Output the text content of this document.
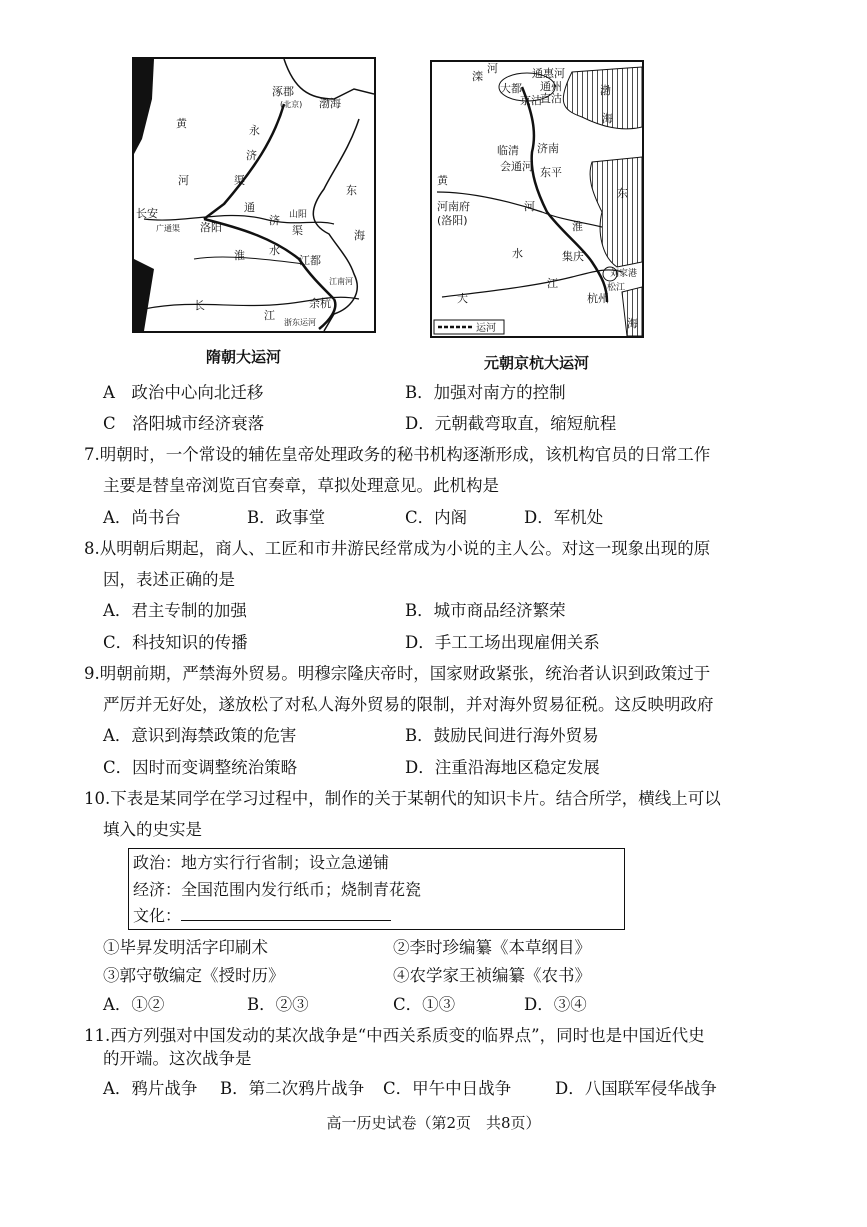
涿郡
(北京)
黄
河
永
济
渠
通
济
渠
淮 水
长安
广通渠 洛阳
山阳
渤海
东
海
江都
江南河
余杭
长
江
浙东运河
隋朝大运河
滦
河
大都
通惠河
通州
直沽
京沽
渤
海
济南
临清
会通河 东平
黄
河南府
(洛阳)
河
东
淮
水	集庆
江
大	杭州
松江
刘家港
海
运河
元朝京杭大运河
A　政治中心向北迁移	B．加强对南方的控制
C　洛阳城市经济衰落	D．元朝截弯取直，缩短航程
7.明朝时，一个常设的辅佐皇帝处理政务的秘书机构逐渐形成，该机构官员的日常工作
主要是替皇帝浏览百官奏章，草拟处理意见。此机构是
A．尚书台	B．政事堂	C．内阁	D．军机处
8.从明朝后期起，商人、工匠和市井游民经常成为小说的主人公。对这一现象出现的原
因，表述正确的是
A．君主专制的加强	B．城市商品经济繁荣
C．科技知识的传播	D．手工工场出现雇佣关系
9.明朝前期，严禁海外贸易。明穆宗隆庆帝时，国家财政紧张，统治者认识到政策过于
严厉并无好处，遂放松了对私人海外贸易的限制，并对海外贸易征税。这反映明政府
A．意识到海禁政策的危害	B．鼓励民间进行海外贸易
C．因时而变调整统治策略	D．注重沿海地区稳定发展
10.下表是某同学在学习过程中，制作的关于某朝代的知识卡片。结合所学，横线上可以
填入的史实是
政治：地方实行行省制；设立急递铺
经济：全国范围内发行纸币；烧制青花瓷
文化：
①毕昇发明活字印刷术	②李时珍编纂《本草纲目》
③郭守敬编定《授时历》	④农学家王祯编纂《农书》
A．①②	B．②③	C．①③	D．③④
11.西方列强对中国发动的某次战争是“中西关系质变的临界点”，同时也是中国近代史
的开端。这次战争是
A．鸦片战争 B．第二次鸦片战争 C．甲午中日战争	D．八国联军侵华战争
高一历史试卷（第2页　共8页）
